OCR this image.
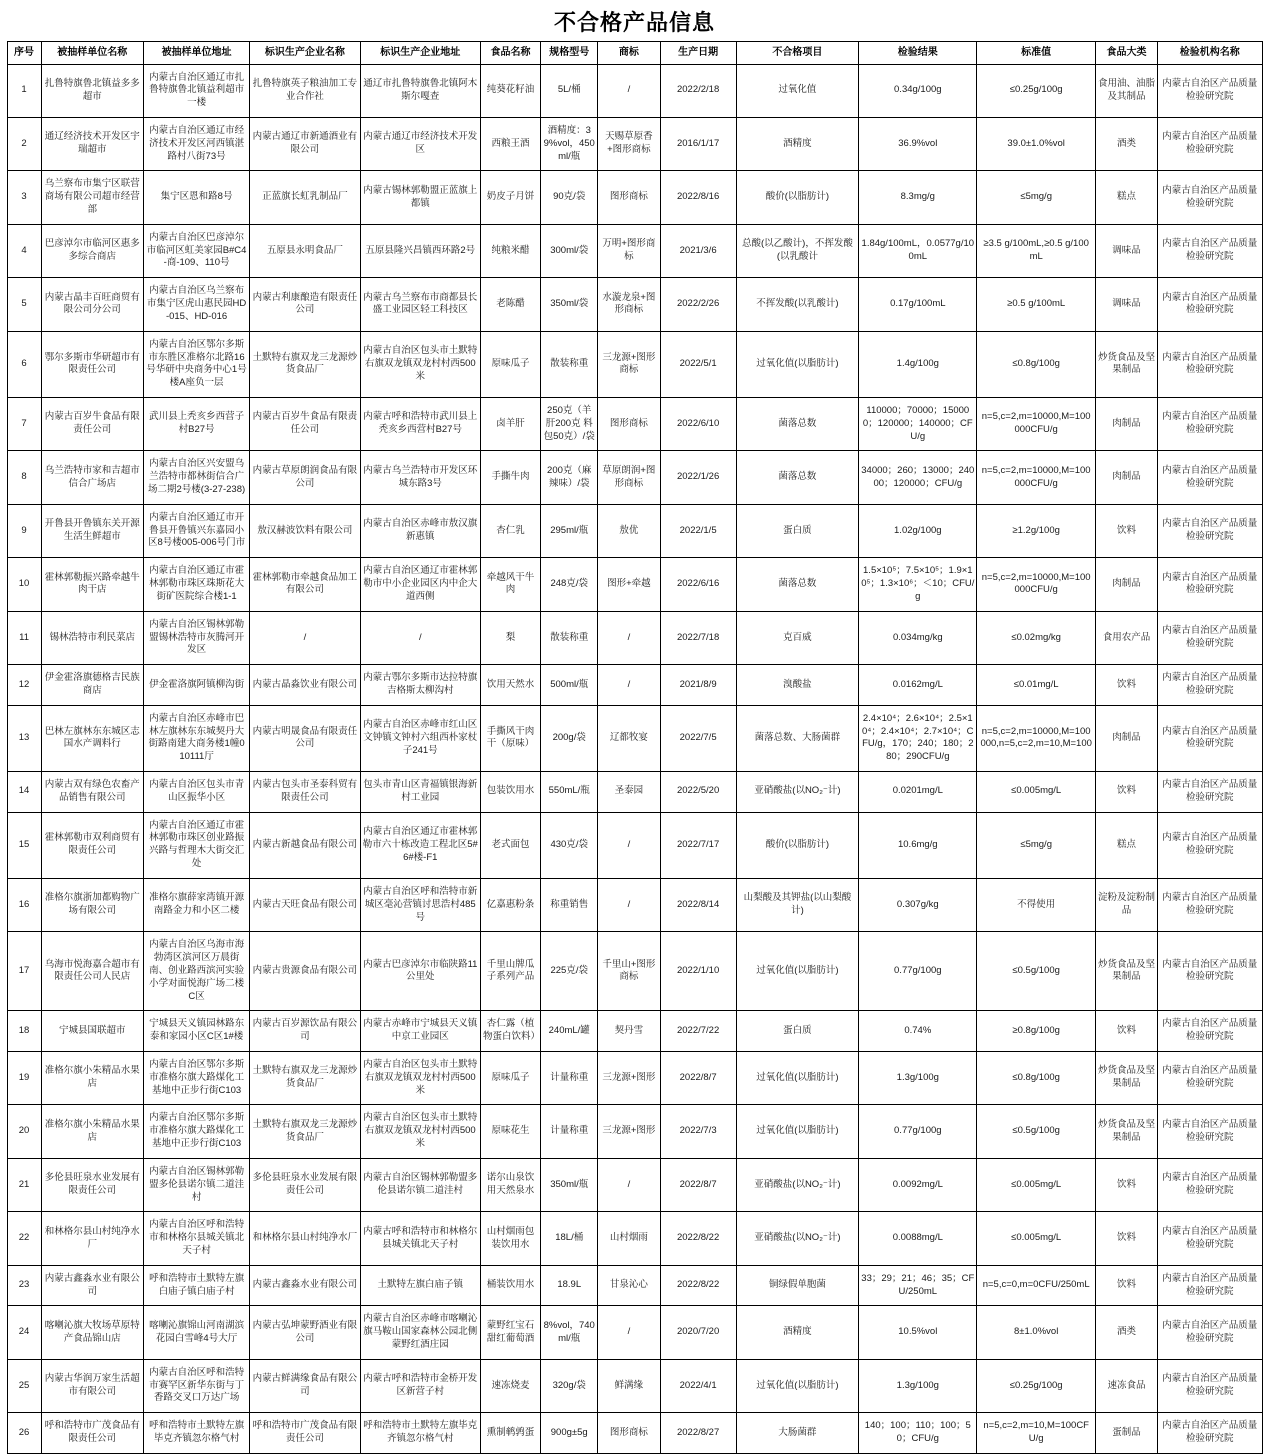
不合格产品信息
序号	被抽样单位名称	被抽样单位地址	标识生产企业名称	标识生产企业地址	食品名称	规格型号	商标	生产日期	不合格项目	检验结果	标准值	食品大类	检验机构名称
1	扎鲁特旗鲁北镇益多多超市	内蒙古自治区通辽市扎鲁特旗鲁北镇益利超市一楼	扎鲁特旗英子粮油加工专业合作社	通辽市扎鲁特旗鲁北镇阿木斯尔嘎查	纯葵花籽油	5L/桶	/	2022/2/18	过氧化值	0.34g/100g	≤0.25g/100g	食用油、油脂及其制品	内蒙古自治区产品质量检验研究院
2	通辽经济技术开发区宇瑞超市	内蒙古自治区通辽市经济技术开发区河西镇湛路村八街73号	内蒙古通辽市新通酒业有限公司	内蒙古通辽市经济技术开发区	西粮王酒	酒精度：39%vol，450ml/瓶	天赐草原香+图形商标	2016/1/17	酒精度	36.9%vol	39.0±1.0%vol	酒类	内蒙古自治区产品质量检验研究院
3	乌兰察布市集宁区联营商场有限公司超市经营部	集宁区恩和路8号	正蓝旗长虹乳制品厂	内蒙古锡林郭勒盟正蓝旗上都镇	奶皮子月饼	90克/袋	图形商标	2022/8/16	酸价(以脂肪计)	8.3mg/g	≤5mg/g	糕点	内蒙古自治区产品质量检验研究院
4	巴彦淖尔市临河区惠多多综合商店	内蒙古自治区巴彦淖尔市临河区虹美家园B#C4-商-109、110号	五原县永明食品厂	五原县隆兴昌镇西环路2号	纯粮米醋	300ml/袋	万明+图形商标	2021/3/6	总酸(以乙酸计)，不挥发酸(以乳酸计	1.84g/100mL，0.0577g/100mL	≥3.5 g/100mL,≥0.5 g/100mL	调味品	内蒙古自治区产品质量检验研究院
5	内蒙古晶丰百旺商贸有限公司分公司	内蒙古自治区乌兰察布市集宁区虎山惠民园HD-015、HD-016	内蒙古利康酿造有限责任公司	内蒙古乌兰察布市商都县长盛工业园区轻工科技区	老陈醋	350ml/袋	水漩龙泉+图形商标	2022/2/26	不挥发酸(以乳酸计)	0.17g/100mL	≥0.5 g/100mL	调味品	内蒙古自治区产品质量检验研究院
6	鄂尔多斯市华研超市有限责任公司	内蒙古自治区鄂尔多斯市东胜区准格尔北路16号华研中央商务中心1号楼A座负一层	土默特右旗双龙三龙源炒货食品厂	内蒙古自治区包头市土默特右旗双龙镇双龙村村西500米	原味瓜子	散装称重	三龙源+图形商标	2022/5/1	过氧化值(以脂肪计)	1.4g/100g	≤0.8g/100g	炒货食品及坚果制品	内蒙古自治区产品质量检验研究院
7	内蒙古百岁牛食品有限责任公司	武川县上秃亥乡西营子村B27号	内蒙古百岁牛食品有限责任公司	内蒙古呼和浩特市武川县上秃亥乡西营村B27号	卤羊肝	250克（羊肝200克 料包50克）/袋	图形商标	2022/6/10	菌落总数	110000；70000；150000；120000；140000；CFU/g	n=5,c=2,m=10000,M=100000CFU/g	肉制品	内蒙古自治区产品质量检验研究院
8	乌兰浩特市家和吉超市信合广场店	内蒙古自治区兴安盟乌兰浩特市都林街信合广场二期2号楼(3-27-238)	内蒙古草原朗润食品有限公司	内蒙古乌兰浩特市开发区环城东路3号	手撕牛肉	200克（麻辣味）/袋	草原朗润+图形商标	2022/1/26	菌落总数	34000；260；13000；24000；120000；CFU/g	n=5,c=2,m=10000,M=100000CFU/g	肉制品	内蒙古自治区产品质量检验研究院
9	开鲁县开鲁镇东关开源生活生鲜超市	内蒙古自治区通辽市开鲁县开鲁镇兴东嘉园小区8号楼005-006号门市	敖汉赫波饮料有限公司	内蒙古自治区赤峰市敖汉旗新惠镇	杏仁乳	295ml/瓶	敖优	2022/1/5	蛋白质	1.02g/100g	≥1.2g/100g	饮料	内蒙古自治区产品质量检验研究院
10	霍林郭勒振兴路牵越牛肉干店	内蒙古自治区通辽市霍林郭勒市珠区珠斯花大街矿医院综合楼1-1	霍林郭勒市牵越食品加工有限公司	内蒙古自治区通辽市霍林郭勒市中小企业园区内中企大道西侧	牵越风干牛肉	248克/袋	图形+牵越	2022/6/16	菌落总数	1.5×10⁵；7.5×10⁵；1.9×10⁵；1.3×10⁶；＜10；CFU/g	n=5,c=2,m=10000,M=100000CFU/g	肉制品	内蒙古自治区产品质量检验研究院
11	锡林浩特市利民菜店	内蒙古自治区锡林郭勒盟锡林浩特市灰腾河开发区	/	/	梨	散装称重	/	2022/7/18	克百威	0.034mg/kg	≤0.02mg/kg	食用农产品	内蒙古自治区产品质量检验研究院
12	伊金霍洛旗德格吉民族商店	伊金霍洛旗阿镇柳沟街	内蒙古晶淼饮业有限公司	内蒙古鄂尔多斯市达拉特旗吉格斯太柳沟村	饮用天然水	500ml/瓶	/	2021/8/9	溴酸盐	0.0162mg/L	≤0.01mg/L	饮料	内蒙古自治区产品质量检验研究院
13	巴林左旗林东东城区志国水产调料行	内蒙古自治区赤峰市巴林左旗林东东城契丹大街路南建大商务楼1幢010111厅	内蒙古明晟食品有限责任公司	内蒙古自治区赤峰市红山区文钟镇文钟村六组西朴家杖子241号	手撕风干肉干（原味）	200g/袋	辽都牧宴	2022/7/5	菌落总数、大肠菌群	2.4×10⁴；2.6×10⁴；2.5×10⁴；2.4×10⁴；2.7×10⁴；CFU/g，170；240；180；280；290CFU/g	n=5,c=2,m=10000,M=100000,n=5,c=2,m=10,M=100	肉制品	内蒙古自治区产品质量检验研究院
14	内蒙古双有绿色农畜产品销售有限公司	内蒙古自治区包头市青山区振华小区	内蒙古包头市圣泰科贸有限责任公司	包头市青山区青福镇银海新村工业园	包装饮用水	550mL/瓶	圣泰园	2022/5/20	亚硝酸盐(以NO₂⁻计)	0.0201mg/L	≤0.005mg/L	饮料	内蒙古自治区产品质量检验研究院
15	霍林郭勒市双利商贸有限责任公司	内蒙古自治区通辽市霍林郭勒市珠区创业路振兴路与哲理木大街交汇处	内蒙古新越食品有限公司	内蒙古自治区通辽市霍林郭勒市六十栋改造工程北区5#6#楼-F1	老式面包	430克/袋	/	2022/7/17	酸价(以脂肪计)	10.6mg/g	≤5mg/g	糕点	内蒙古自治区产品质量检验研究院
16	准格尔旗浙加都购物广场有限公司	准格尔旗薛家湾镇开源南路金力和小区二楼	内蒙古天旺食品有限公司	内蒙古自治区呼和浩特市新城区毫沁营镇讨思浩村485号	亿嘉惠粉条	称重销售	/	2022/8/14	山梨酸及其钾盐(以山梨酸计)	0.307g/kg	不得使用	淀粉及淀粉制品	内蒙古自治区产品质量检验研究院
17	乌海市悦海嘉合超市有限责任公司人民店	内蒙古自治区乌海市海勃湾区滨河区万晨街南、创业路西滨河实验小学对面悦海广场二楼C区	内蒙古贵源食品有限公司	内蒙古巴彦淖尔市临陕路11公里处	千里山牌瓜子系列产品	225克/袋	千里山+图形商标	2022/1/10	过氧化值(以脂肪计)	0.77g/100g	≤0.5g/100g	炒货食品及坚果制品	内蒙古自治区产品质量检验研究院
18	宁城县国联超市	宁城县天义镇园林路东泰和家园小区C区1#楼	内蒙古百岁源饮品有限公司	内蒙古赤峰市宁城县天义镇中京工业园区	杏仁露（植物蛋白饮料）	240mL/罐	契丹雪	2022/7/22	蛋白质	0.74%	≥0.8g/100g	饮料	内蒙古自治区产品质量检验研究院
19	准格尔旗小朱精品水果店	内蒙古自治区鄂尔多斯市准格尔旗大路煤化工基地中正步行街C103	土默特右旗双龙三龙源炒货食品厂	内蒙古自治区包头市土默特右旗双龙镇双龙村村西500米	原味瓜子	计量称重	三龙源+图形	2022/8/7	过氧化值(以脂肪计)	1.3g/100g	≤0.8g/100g	炒货食品及坚果制品	内蒙古自治区产品质量检验研究院
20	准格尔旗小朱精品水果店	内蒙古自治区鄂尔多斯市准格尔旗大路煤化工基地中正步行街C103	土默特右旗双龙三龙源炒货食品厂	内蒙古自治区包头市土默特右旗双龙镇双龙村村西500米	原味花生	计量称重	三龙源+图形	2022/7/3	过氧化值(以脂肪计)	0.77g/100g	≤0.5g/100g	炒货食品及坚果制品	内蒙古自治区产品质量检验研究院
21	多伦县旺泉水业发展有限责任公司	内蒙古自治区锡林郭勒盟多伦县诺尔镇二道洼村	多伦县旺泉水业发展有限责任公司	内蒙古自治区锡林郭勒盟多伦县诺尔镇二道洼村	诺尔山泉饮用天然泉水	350ml/瓶	/	2022/8/7	亚硝酸盐(以NO₂⁻计)	0.0092mg/L	≤0.005mg/L	饮料	内蒙古自治区产品质量检验研究院
22	和林格尔县山村纯净水厂	内蒙古自治区呼和浩特市和林格尔县城关镇北天子村	和林格尔县山村纯净水厂	内蒙古呼和浩特市和林格尔县城关镇北天子村	山村烟雨包装饮用水	18L/桶	山村烟雨	2022/8/22	亚硝酸盐(以NO₂⁻计)	0.0088mg/L	≤0.005mg/L	饮料	内蒙古自治区产品质量检验研究院
23	内蒙古鑫淼水业有限公司	呼和浩特市土默特左旗白庙子镇白庙子村	内蒙古鑫淼水业有限公司	土默特左旗白庙子镇	桶装饮用水	18.9L	甘泉沁心	2022/8/22	铜绿假单胞菌	33；29；21；46；35；CFU/250mL	n=5,c=0,m=0CFU/250mL	饮料	内蒙古自治区产品质量检验研究院
24	喀喇沁旗大牧场草原特产食品锦山店	喀喇沁旗锦山河南湖滨花园白雪峰4号大厅	内蒙古弘坤蒙野酒业有限公司	内蒙古自治区赤峰市喀喇沁旗马鞍山国家森林公园北侧蒙野红酒庄园	蒙野红宝石甜红葡萄酒	8%vol，740ml/瓶	/	2020/7/20	酒精度	10.5%vol	8±1.0%vol	酒类	内蒙古自治区产品质量检验研究院
25	内蒙古华润万家生活超市有限公司	内蒙古自治区呼和浩特市赛罕区新华东街与丁香路交叉口万达广场	内蒙古鲜满缘食品有限公司	内蒙古呼和浩特市金桥开发区新营子村	速冻烧麦	320g/袋	鲜满缘	2022/4/1	过氧化值(以脂肪计)	1.3g/100g	≤0.25g/100g	速冻食品	内蒙古自治区产品质量检验研究院
26	呼和浩特市广茂食品有限责任公司	呼和浩特市土默特左旗毕克齐镇忽尔格气村	呼和浩特市广茂食品有限责任公司	呼和浩特市土默特左旗毕克齐镇忽尔格气村	熏制鹌鹑蛋	900g±5g	图形商标	2022/8/27	大肠菌群	140；100；110；100；50；CFU/g	n=5,c=2,m=10,M=100CFU/g	蛋制品	内蒙古自治区产品质量检验研究院
